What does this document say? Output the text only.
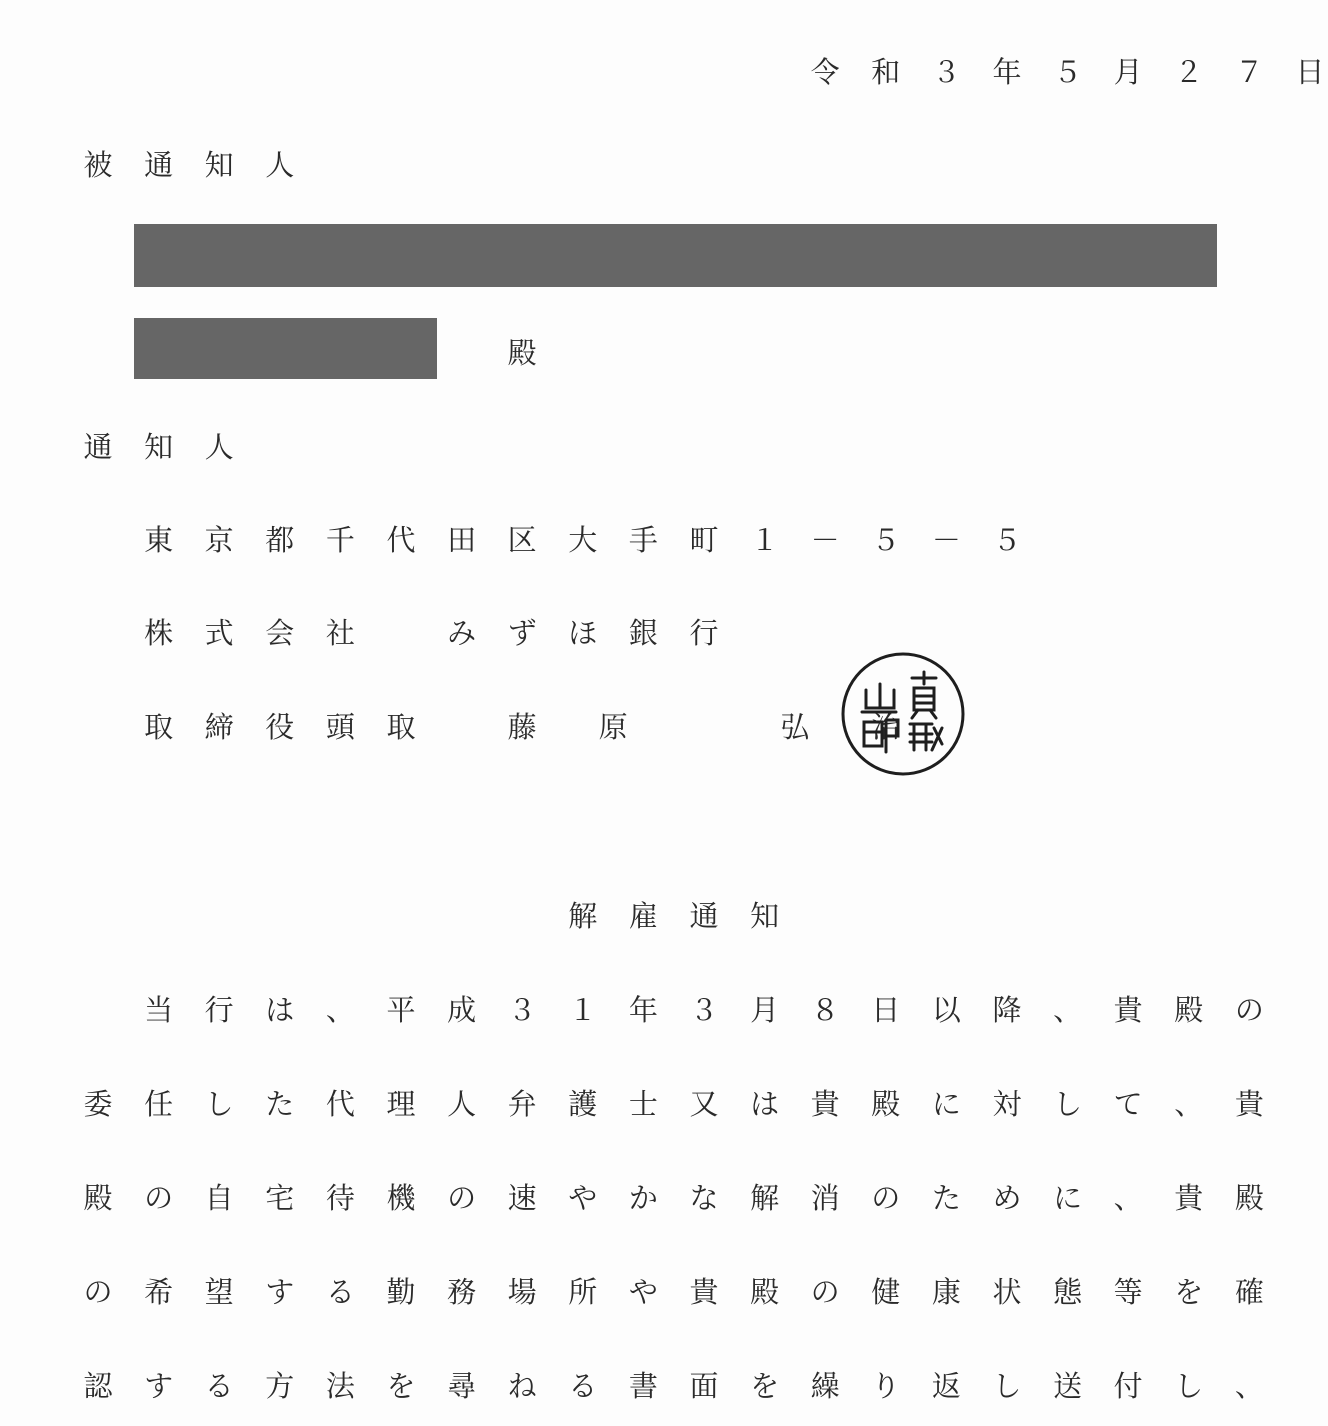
令 和 ３ 年 ５ 月 ２ ７ 日
被 通 知 人
殿
通 知 人
東 京 都 千 代 田 区 大 手 町 １ － ５ － ５
株 式 会 社	み ず ほ 銀 行
取 締 役 頭 取	藤 原	弘 治
解 雇 通 知
当 行 は 、 平 成 ３ １ 年 ３ 月 ８ 日 以 降 、 貴 殿 の
委 任 し た 代 理 人 弁 護 士 又 は 貴 殿 に 対 し て 、 貴
殿 の 自 宅 待 機 の 速 や か な 解 消 の た め に 、 貴 殿
の 希 望 す る 勤 務 場 所 や 貴 殿 の 健 康 状 態 等 を 確
認 す る 方 法 を 尋 ね る 書 面 を 繰 り 返 し 送 付 し 、
